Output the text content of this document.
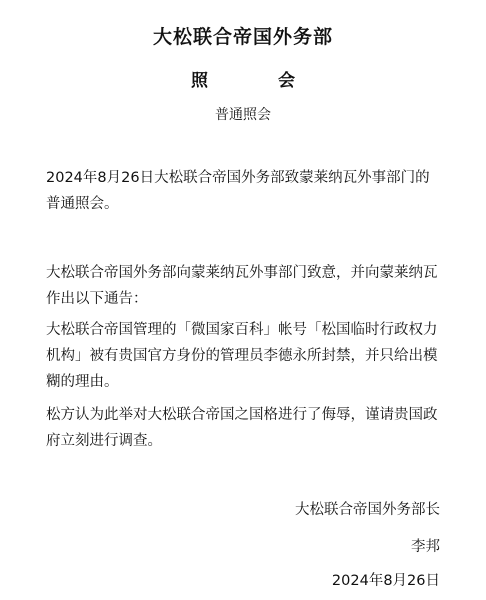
大松联合帝国外务部
照	会
普通照会

2024年8月26日大松联合帝国外务部致蒙莱纳瓦外事部门的普通照会。

大松联合帝国外务部向蒙莱纳瓦外事部门致意，并向蒙莱纳瓦作出以下通告：

大松联合帝国管理的「微国家百科」帐号「松国临时行政权力机构」被有贵国官方身份的管理员李德永所封禁，并只给出模糊的理由。

松方认为此举对大松联合帝国之国格进行了侮辱，谨请贵国政府立刻进行调查。

大松联合帝国外务部长
李邦
2024年8月26日
